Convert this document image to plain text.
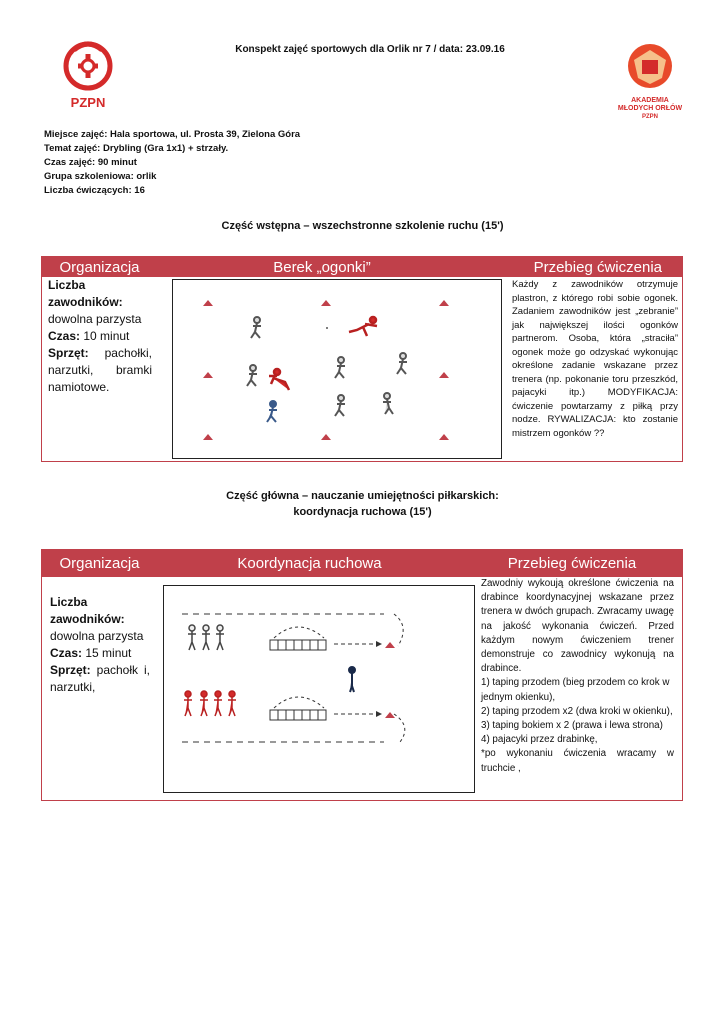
PZPN
Konspekt zajęć sportowych dla Orlik nr 7 / data: 23.09.16
AKADEMIA
MŁODYCH ORŁÓW
PZPN
Miejsce zajęć: Hala sportowa, ul. Prosta 39, Zielona Góra
Temat zajęć: Drybling (Gra 1x1) + strzały.
Czas zajęć: 90 minut
Grupa szkoleniowa: orlik
Liczba ćwiczących: 16
Część wstępna – wszechstronne szkolenie ruchu (15')
Organizacja	Berek „ogonki”	Przebieg ćwiczenia
Liczba zawodników:
dowolna parzysta
Czas: 10 minut
Sprzęt: pachołki, narzutki, bramki namiotowe.
Każdy z zawodników otrzymuje plastron, z którego robi sobie ogonek. Zadaniem zawodników jest „zebranie” jak największej ilości ogonków partnerom. Osoba, która „straciła” ogonek może go odzyskać wykonując określone zadanie wskazane przez trenera (np. pokonanie toru przeszkód, pajacyki itp.) MODYFIKACJA: ćwiczenie powtarzamy z piłką przy nodze. RYWALIZACJA: kto zostanie mistrzem ogonków ??
Część główna – nauczanie umiejętności piłkarskich:
koordynacja ruchowa (15')
Organizacja	Koordynacja ruchowa	Przebieg ćwiczenia
Liczba zawodników:
dowolna parzysta
Czas: 15 minut
Sprzęt: pachołk i, narzutki,
Zawodniy wykoują określone ćwiczenia na drabince koordynacyjnej wskazane przez trenera w dwóch grupach. Zwracamy uwagę na jakość wykonania ćwiczeń. Przed każdym nowym ćwiczeniem trener demonstruje co zawodnicy wykonują na drabince.
1) taping przodem (bieg przodem co krok w jednym okienku),
2) taping przodem x2 (dwa kroki w okienku),
3) taping bokiem x 2 (prawa i lewa strona)
4) pajacyki przez drabinkę,
*po wykonaniu ćwiczenia wracamy w truchcie ,
